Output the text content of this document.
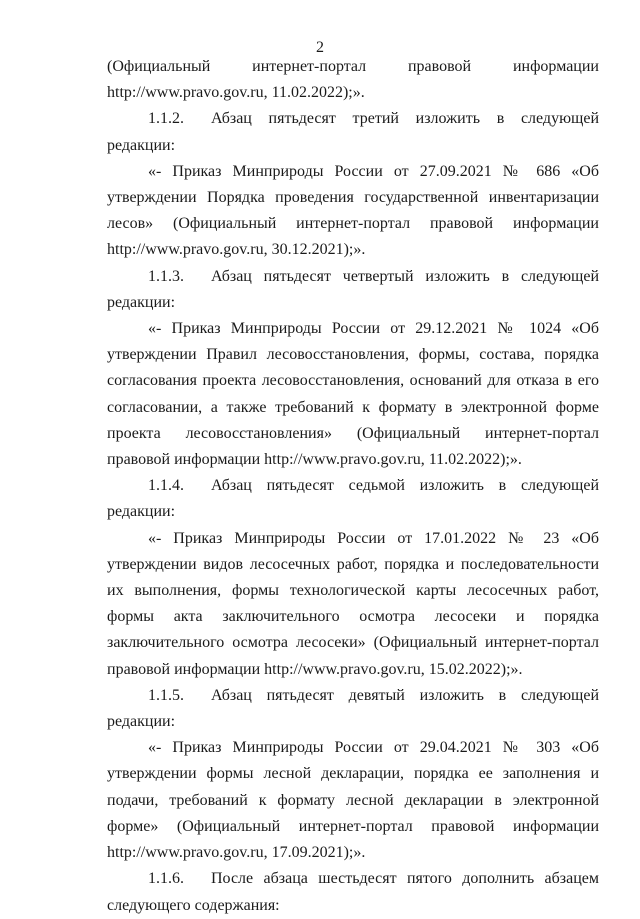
2

(Официальный интернет-портал правовой информации http://www.pravo.gov.ru, 11.02.2022);».

1.1.2. Абзац пятьдесят третий изложить в следующей редакции:

«- Приказ Минприроды России от 27.09.2021 № 686 «Об утверждении Порядка проведения государственной инвентаризации лесов» (Официальный интернет-портал правовой информации http://www.pravo.gov.ru, 30.12.2021);».

1.1.3. Абзац пятьдесят четвертый изложить в следующей редакции:

«- Приказ Минприроды России от 29.12.2021 № 1024 «Об утверждении Правил лесовосстановления, формы, состава, порядка согласования проекта лесовосстановления, оснований для отказа в его согласовании, а также требований к формату в электронной форме проекта лесовосстановления» (Официальный интернет-портал правовой информации http://www.pravo.gov.ru, 11.02.2022);».

1.1.4. Абзац пятьдесят седьмой изложить в следующей редакции:

«- Приказ Минприроды России от 17.01.2022 № 23 «Об утверждении видов лесосечных работ, порядка и последовательности их выполнения, формы технологической карты лесосечных работ, формы акта заключительного осмотра лесосеки и порядка заключительного осмотра лесосеки» (Официальный интернет-портал правовой информации http://www.pravo.gov.ru, 15.02.2022);».

1.1.5. Абзац пятьдесят девятый изложить в следующей редакции:

«- Приказ Минприроды России от 29.04.2021 № 303 «Об утверждении формы лесной декларации, порядка ее заполнения и подачи, требований к формату лесной декларации в электронной форме» (Официальный интернет-портал правовой информации http://www.pravo.gov.ru, 17.09.2021);».

1.1.6. После абзаца шестьдесят пятого дополнить абзацем следующего содержания:
